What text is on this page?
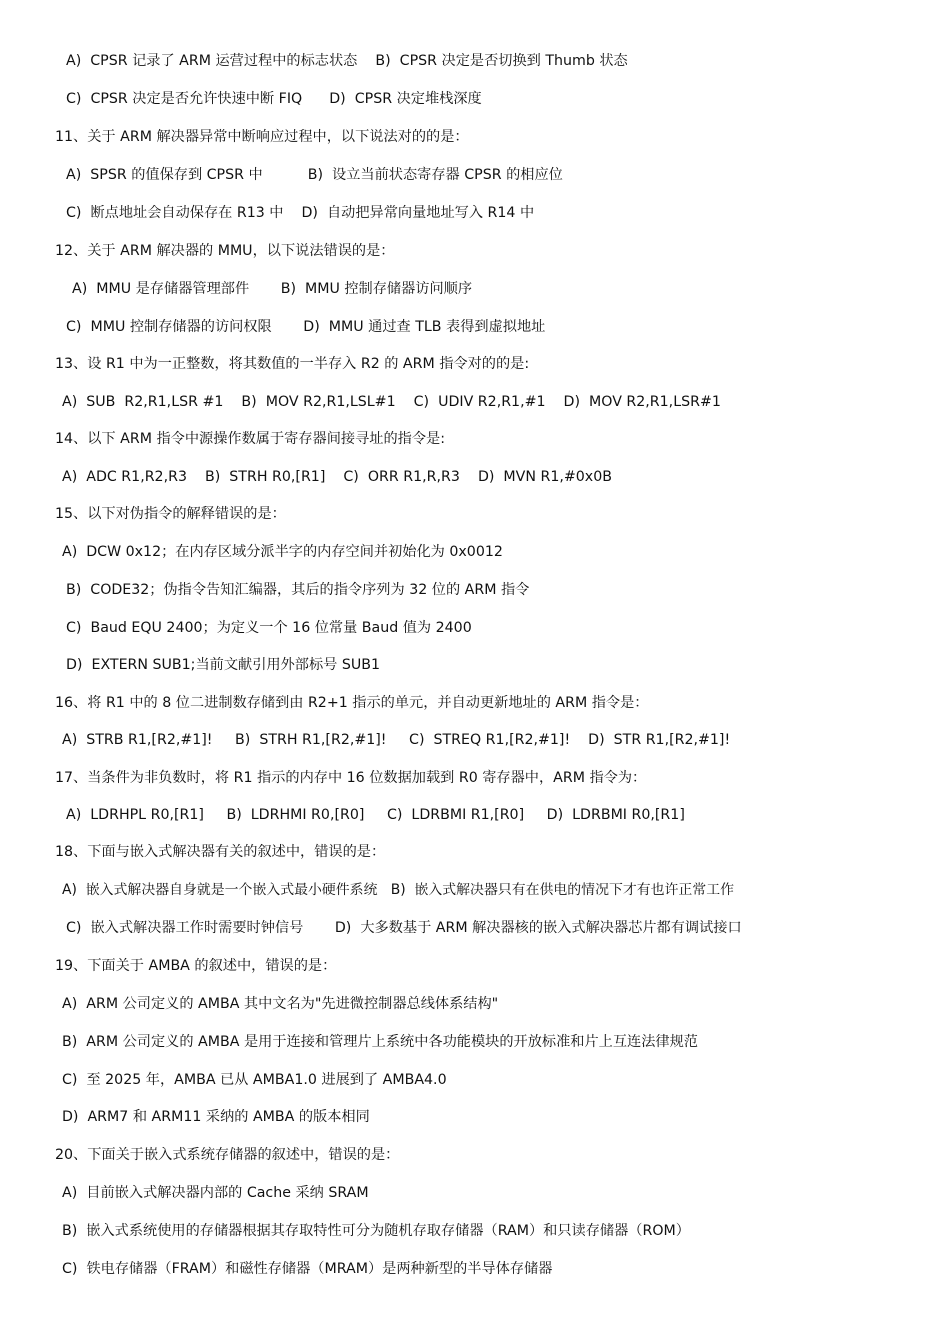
A)  CPSR 记录了 ARM 运营过程中的标志状态    B)  CPSR 决定是否切换到 Thumb 状态
C)  CPSR 决定是否允许快速中断 FIQ      D)  CPSR 决定堆栈深度
11、关于 ARM 解决器异常中断响应过程中，以下说法对的的是：
A)  SPSR 的值保存到 CPSR 中          B)  设立当前状态寄存器 CPSR 的相应位
C)  断点地址会自动保存在 R13 中    D)  自动把异常向量地址写入 R14 中
12、关于 ARM 解决器的 MMU，以下说法错误的是：
A)  MMU 是存储器管理部件       B)  MMU 控制存储器访问顺序
C)  MMU 控制存储器的访问权限       D)  MMU 通过查 TLB 表得到虚拟地址
13、设 R1 中为一正整数，将其数值的一半存入 R2 的 ARM 指令对的的是:
A)  SUB  R2,R1,LSR #1    B)  MOV R2,R1,LSL#1    C)  UDIV R2,R1,#1    D)  MOV R2,R1,LSR#1
14、以下 ARM 指令中源操作数属于寄存器间接寻址的指令是:
A)  ADC R1,R2,R3    B)  STRH R0,[R1]    C)  ORR R1,R,R3    D)  MVN R1,#0x0B
15、以下对伪指令的解释错误的是：
A)  DCW 0x12；在内存区域分派半字的内存空间并初始化为 0x0012
B)  CODE32；伪指令告知汇编器，其后的指令序列为 32 位的 ARM 指令
C)  Baud EQU 2400；为定义一个 16 位常量 Baud 值为 2400
D)  EXTERN SUB1;当前文献引用外部标号 SUB1
16、将 R1 中的 8 位二进制数存储到由 R2+1 指示的单元，并自动更新地址的 ARM 指令是：
A)  STRB R1,[R2,#1]!     B)  STRH R1,[R2,#1]!     C)  STREQ R1,[R2,#1]!    D)  STR R1,[R2,#1]!
17、当条件为非负数时，将 R1 指示的内存中 16 位数据加载到 R0 寄存器中，ARM 指令为：
A)  LDRHPL R0,[R1]     B)  LDRHMI R0,[R0]     C)  LDRBMI R1,[R0]     D)  LDRBMI R0,[R1]
18、下面与嵌入式解决器有关的叙述中，错误的是：
A)  嵌入式解决器自身就是一个嵌入式最小硬件系统   B)  嵌入式解决器只有在供电的情况下才有也许正常工作
C)  嵌入式解决器工作时需要时钟信号       D)  大多数基于 ARM 解决器核的嵌入式解决器芯片都有调试接口
19、下面关于 AMBA 的叙述中，错误的是：
A)  ARM 公司定义的 AMBA 其中文名为"先进微控制器总线体系结构"
B)  ARM 公司定义的 AMBA 是用于连接和管理片上系统中各功能模块的开放标准和片上互连法律规范
C)  至 2025 年，AMBA 已从 AMBA1.0 进展到了 AMBA4.0
D)  ARM7 和 ARM11 采纳的 AMBA 的版本相同
20、下面关于嵌入式系统存储器的叙述中，错误的是：
A)  目前嵌入式解决器内部的 Cache 采纳 SRAM
B)  嵌入式系统使用的存储器根据其存取特性可分为随机存取存储器（RAM）和只读存储器（ROM）
C)  铁电存储器（FRAM）和磁性存储器（MRAM）是两种新型的半导体存储器
